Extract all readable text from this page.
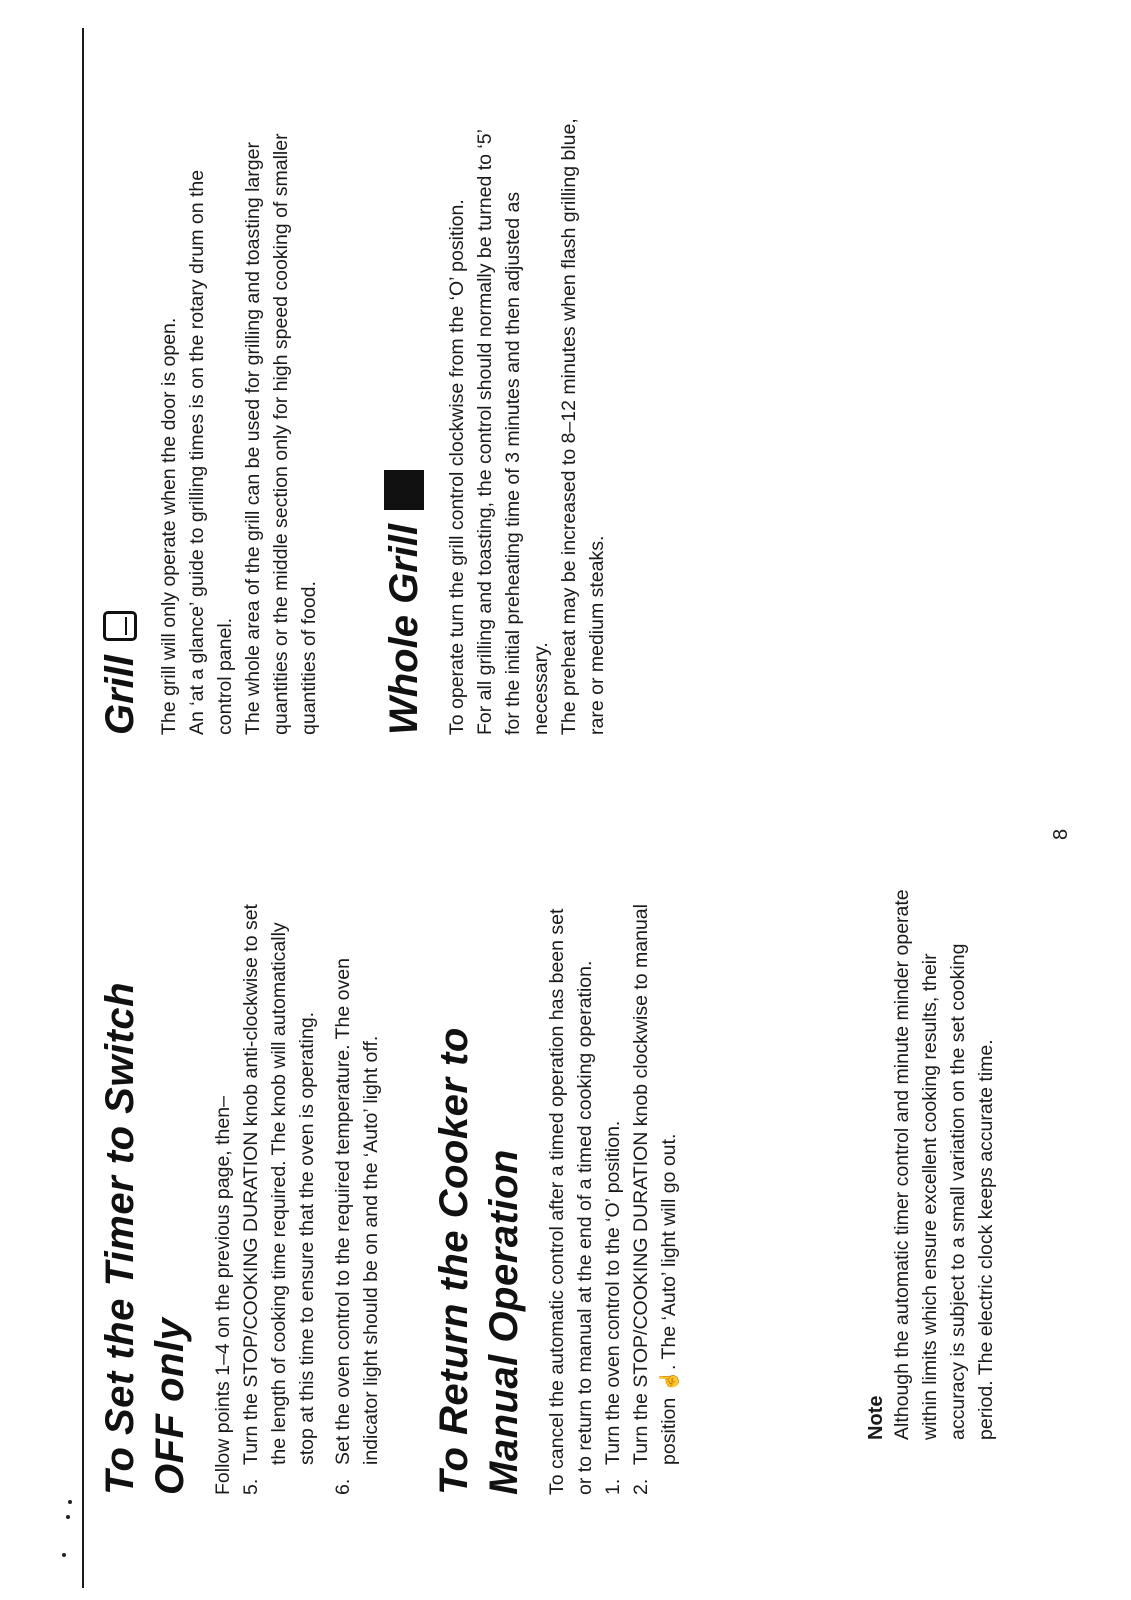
To Set the Timer to Switch OFF only Follow points 1–4 on the previous page, then– 5.
Turn the STOP/COOKING DURATION knob anti-clockwise to set the length of cooking time required. The knob will automatically stop at this time to ensure that the oven is operating.
6.
Set the oven control to the required temperature. The oven indicator light should be on and the ‘Auto’ light off. To Return the Cooker to Manual Operation To cancel the automatic control after a timed operation has been set or to return to manual at the end of a timed cooking operation. 1.
Turn the oven control to the ‘O’ position.
2.
Turn the STOP/COOKING DURATION knob clockwise to manual position ☝. The ‘Auto’ light will go out.

Note Although the automatic timer control and minute minder operate within limits which ensure excellent cooking results, their accuracy is subject to a small variation on the set cooking period. The electric clock keeps accurate time.

Grill The grill will only operate when the door is open. An ‘at a glance’ guide to grilling times is on the rotary drum on the control panel. The whole area of the grill can be used for grilling and toasting larger quantities or the middle section only for high speed cooking of smaller quantities of food. Whole Grill To operate turn the grill control clockwise from the ‘O’ position. For all grilling and toasting, the control should normally be turned to ‘5’ for the initial preheating time of 3 minutes and then adjusted as necessary. The preheat may be increased to 8–12 minutes when flash grilling blue, rare or medium steaks.

8
